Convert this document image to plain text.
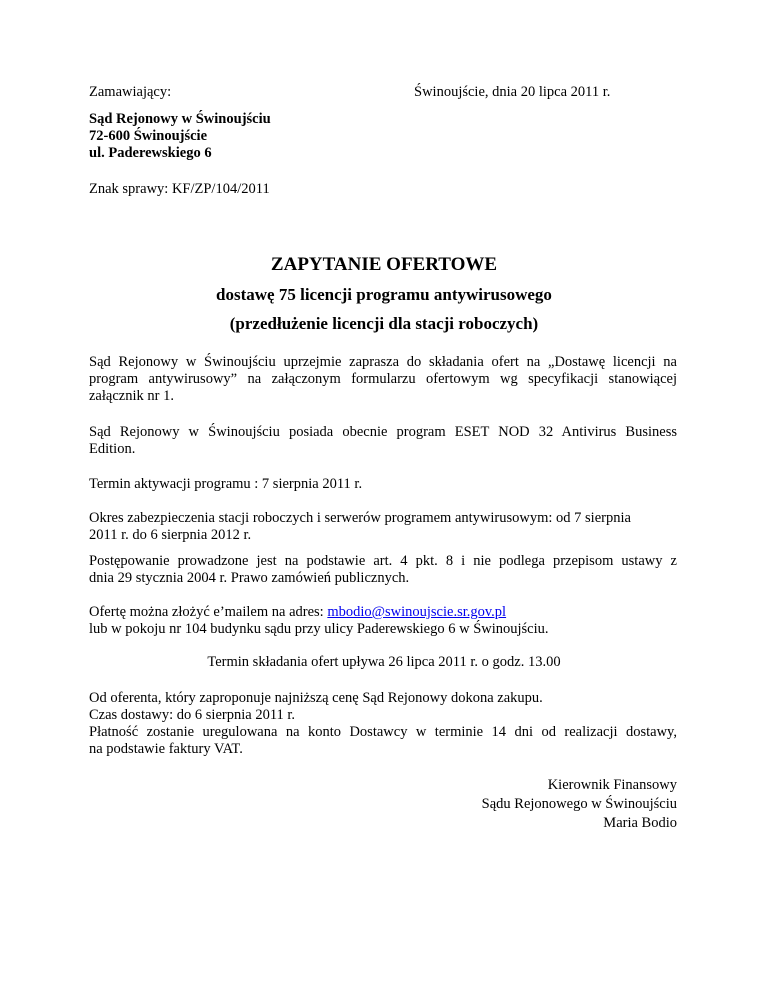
Zamawiający:	Świnoujście, dnia 20 lipca 2011 r.
Sąd Rejonowy w Świnoujściu
72-600 Świnoujście
ul. Paderewskiego 6
Znak sprawy: KF/ZP/104/2011
ZAPYTANIE OFERTOWE
dostawę 75 licencji programu antywirusowego
(przedłużenie licencji dla stacji roboczych)
Sąd Rejonowy w Świnoujściu uprzejmie zaprasza do składania ofert na „Dostawę licencji na
program antywirusowy” na załączonym formularzu ofertowym wg specyfikacji stanowiącej
załącznik nr 1.
Sąd Rejonowy w Świnoujściu posiada obecnie program ESET NOD 32 Antivirus Business
Edition.
Termin aktywacji programu : 7 sierpnia 2011 r.
Okres zabezpieczenia stacji roboczych i serwerów programem antywirusowym: od 7 sierpnia
2011 r. do 6 sierpnia 2012 r.
Postępowanie prowadzone jest na podstawie art. 4 pkt. 8 i nie podlega przepisom ustawy z
dnia 29 stycznia 2004 r. Prawo zamówień publicznych.
Ofertę można złożyć e’mailem na adres: mbodio@swinoujscie.sr.gov.pl
lub w pokoju nr 104 budynku sądu przy ulicy Paderewskiego 6 w Świnoujściu.
Termin składania ofert upływa 26 lipca 2011 r. o godz. 13.00
Od oferenta, który zaproponuje najniższą cenę Sąd Rejonowy dokona zakupu.
Czas dostawy: do 6 sierpnia 2011 r.
Płatność zostanie uregulowana na konto Dostawcy w terminie 14 dni od realizacji dostawy,
na podstawie faktury VAT.
Kierownik Finansowy
Sądu Rejonowego w Świnoujściu
Maria Bodio
